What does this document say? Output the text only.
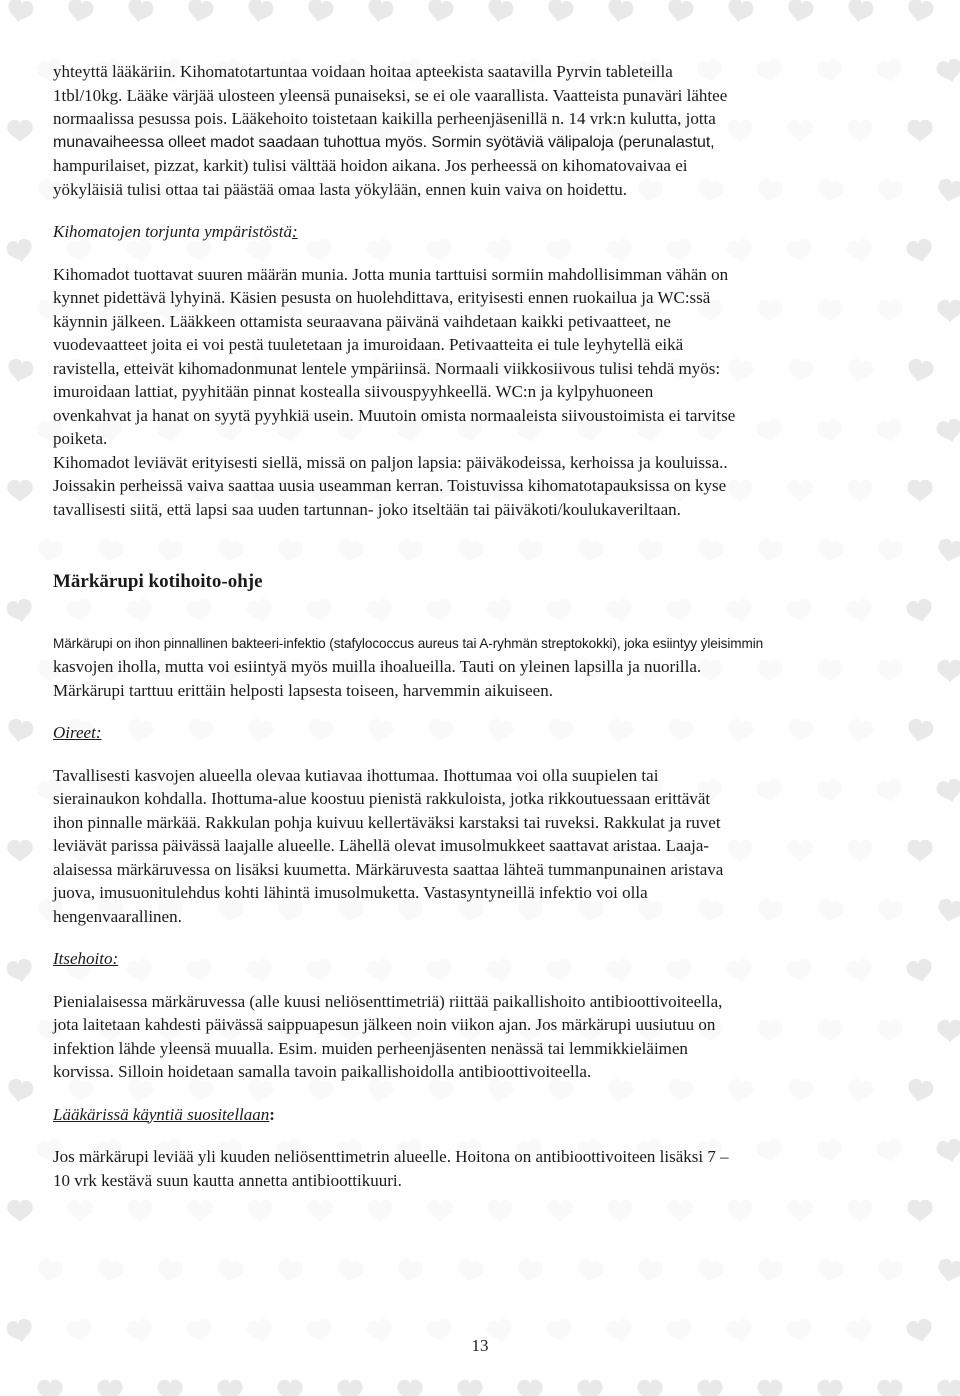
yhteyttä lääkäriin. Kihomatotartuntaa voidaan hoitaa apteekista saatavilla Pyrvin tableteilla

1tbl/10kg. Lääke värjää ulosteen yleensä punaiseksi, se ei ole vaarallista. Vaatteista punaväri lähtee

normaalissa pesussa pois. Lääkehoito toistetaan kaikilla perheenjäsenillä n. 14 vrk:n kulutta, jotta

munavaiheessa olleet madot saadaan tuhottua myös. Sormin syötäviä välipaloja (perunalastut,

hampurilaiset, pizzat, karkit) tulisi välttää hoidon aikana. Jos perheessä on kihomatovaivaa ei

yökyläisiä tulisi ottaa tai päästää omaa lasta yökylään, ennen kuin vaiva on hoidettu.

Kihomatojen torjunta ympäristöstä:

Kihomadot tuottavat suuren määrän munia. Jotta munia tarttuisi sormiin mahdollisimman vähän on

kynnet pidettävä lyhyinä. Käsien pesusta on huolehdittava, erityisesti ennen ruokailua ja WC:ssä

käynnin jälkeen. Lääkkeen ottamista seuraavana päivänä vaihdetaan kaikki petivaatteet, ne

vuodevaatteet joita ei voi pestä tuuletetaan ja imuroidaan. Petivaatteita ei tule leyhytellä eikä

ravistella, etteivät kihomadonmunat lentele ympäriinsä. Normaali viikkosiivous tulisi tehdä myös:

imuroidaan lattiat, pyyhitään pinnat kostealla siivouspyyhkeellä. WC:n ja kylpyhuoneen

ovenkahvat ja hanat on syytä pyyhkiä usein. Muutoin omista normaaleista siivoustoimista ei tarvitse

poiketa.

Kihomadot leviävät erityisesti siellä, missä on paljon lapsia: päiväkodeissa, kerhoissa ja kouluissa..

Joissakin perheissä vaiva saattaa uusia useamman kerran. Toistuvissa kihomatotapauksissa on kyse

tavallisesti siitä, että lapsi saa uuden tartunnan- joko itseltään tai päiväkoti/koulukaveriltaan.

Märkärupi kotihoito-ohje

Märkärupi on ihon pinnallinen bakteeri-infektio (stafylococcus aureus tai A-ryhmän streptokokki), joka esiintyy yleisimmin

kasvojen iholla, mutta voi esiintyä myös muilla ihoalueilla. Tauti on yleinen lapsilla ja nuorilla.

Märkärupi tarttuu erittäin helposti lapsesta toiseen, harvemmin aikuiseen.

Oireet:

Tavallisesti kasvojen alueella olevaa kutiavaa ihottumaa. Ihottumaa voi olla suupielen tai

sierainaukon kohdalla. Ihottuma-alue koostuu pienistä rakkuloista, jotka rikkoutuessaan erittävät

ihon pinnalle märkää. Rakkulan pohja kuivuu kellertäväksi karstaksi tai ruveksi. Rakkulat ja ruvet

leviävät parissa päivässä laajalle alueelle. Lähellä olevat imusolmukkeet saattavat aristaa. Laaja-

alaisessa märkäruvessa on lisäksi kuumetta. Märkäruvesta saattaa lähteä tummanpunainen aristava

juova, imusuonitulehdus kohti lähintä imusolmuketta. Vastasyntyneillä infektio voi olla

hengenvaarallinen.

Itsehoito:

Pienialaisessa märkäruvessa (alle kuusi neliösenttimetriä) riittää paikallishoito antibioottivoiteella,

jota laitetaan kahdesti päivässä saippuapesun jälkeen noin viikon ajan. Jos märkärupi uusiutuu on

infektion lähde yleensä muualla. Esim. muiden perheenjäsenten nenässä tai lemmikkieläimen

korvissa. Silloin hoidetaan samalla tavoin paikallishoidolla antibioottivoiteella.

Lääkärissä käyntiä suositellaan:

Jos märkärupi leviää yli kuuden neliösenttimetrin alueelle. Hoitona on antibioottivoiteen lisäksi 7 –

10 vrk kestävä suun kautta annetta antibioottikuuri.

13
